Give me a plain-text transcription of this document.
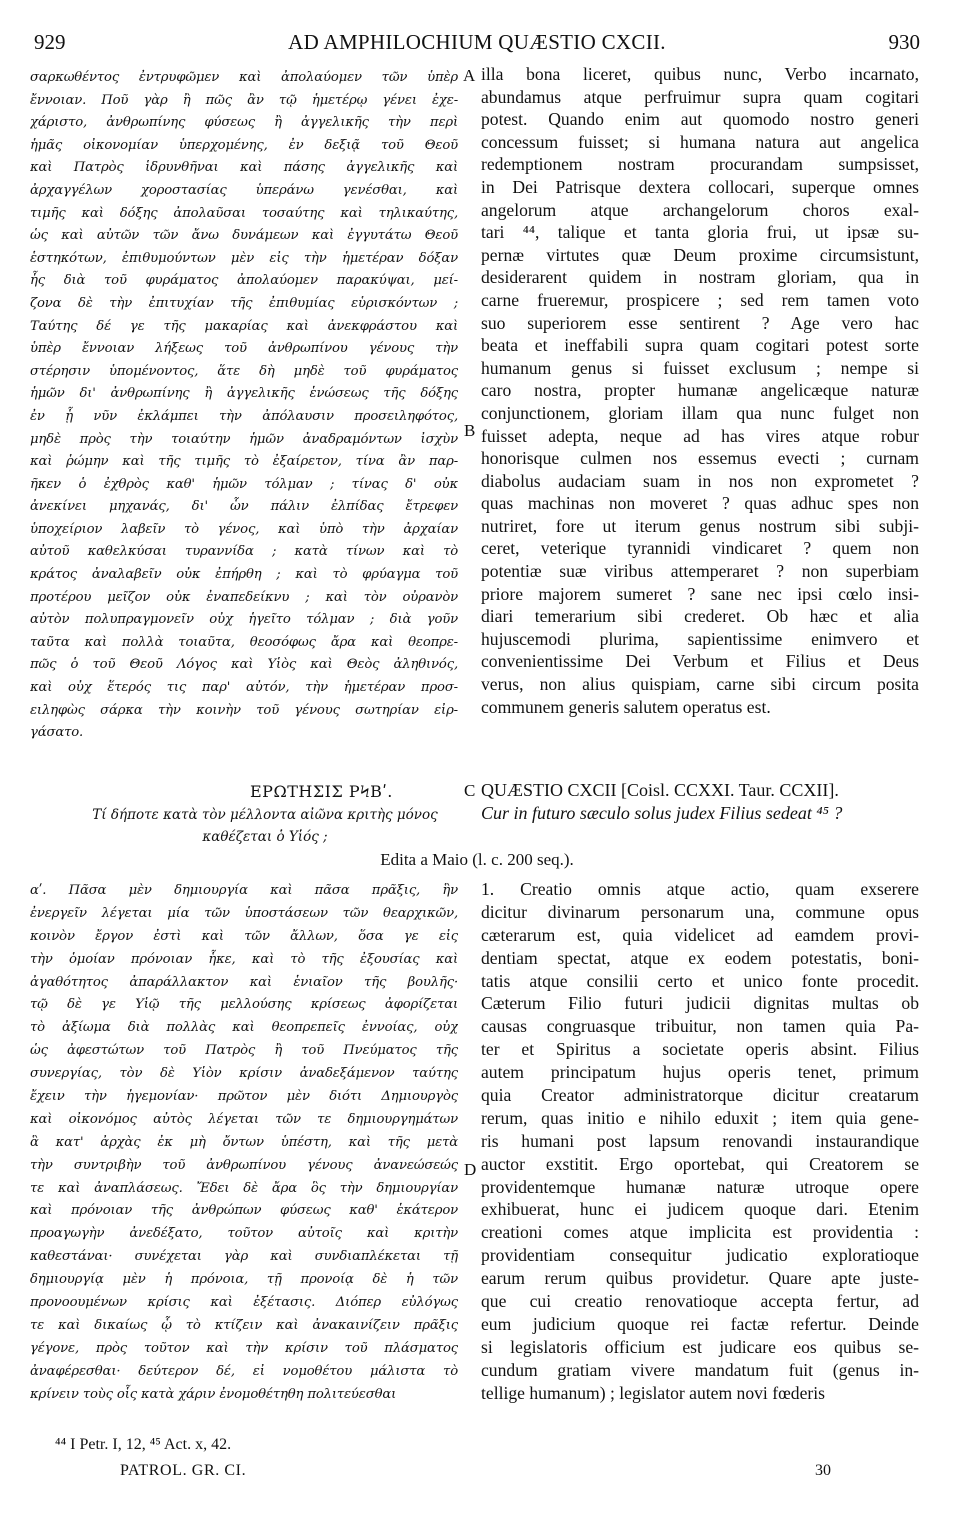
929	AD AMPHILOCHIUM QUÆSTIO CXCII.	930
σαρκωθέντος ἐντρυφῶμεν καὶ ἀπολαύομεν τῶν ὑπὲρ
ἔννοιαν. Ποῦ γὰρ ἢ πῶς ἂν τῷ ἡμετέρῳ γένει ἐχε-
χάριστο, ἀνθρωπίνης φύσεως ἢ ἀγγελικῆς τὴν περὶ
ἡμᾶς οἰκονομίαν ὑπερχομένης, ἐν δεξιᾷ τοῦ Θεοῦ
καὶ Πατρὸς ἱδρυνθῆναι καὶ πάσης ἀγγελικῆς καὶ
ἀρχαγγέλων χοροστασίας ὑπεράνω γενέσθαι, καὶ
τιμῆς καὶ δόξης ἀπολαῦσαι τοσαύτης καὶ τηλικαύτης,
ὡς καὶ αὐτῶν τῶν ἄνω δυνάμεων καὶ ἐγγυτάτω Θεοῦ
ἑστηκότων, ἐπιθυμούντων μὲν εἰς τὴν ἡμετέραν δόξαν
ἧς διὰ τοῦ φυράματος ἀπολαύομεν παρακύψαι, μεί-
ζονα δὲ τὴν ἐπιτυχίαν τῆς ἐπιθυμίας εὑρισκόντων ;
Ταύτης δέ γε τῆς μακαρίας καὶ ἀνεκφράστου καὶ
ὑπὲρ ἔννοιαν λήξεως τοῦ ἀνθρωπίνου γένους τὴν
στέρησιν ὑπομένοντος, ἅτε δὴ μηδὲ τοῦ φυράματος
ἡμῶν δι' ἀνθρωπίνης ἢ ἀγγελικῆς ἑνώσεως τῆς δόξης
ἐν ᾗ νῦν ἐκλάμπει τὴν ἀπόλαυσιν προσειληφότος,
μηδὲ πρὸς τὴν τοιαύτην ἡμῶν ἀναδραμόντων ἰσχὺν
καὶ ῥώμην καὶ τῆς τιμῆς τὸ ἐξαίρετον, τίνα ἂν παρ-
ῆκεν ὁ ἐχθρὸς καθ' ἡμῶν τόλμαν ; τίνας δ' οὐκ
ἀνεκίνει μηχανάς, δι' ὧν πάλιν ἐλπίδας ἔτρεφεν
ὑποχείριον λαβεῖν τὸ γένος, καὶ ὑπὸ τὴν ἀρχαίαν
αὐτοῦ καθελκύσαι τυραννίδα ; κατὰ τίνων καὶ τὸ
κράτος ἀναλαβεῖν οὐκ ἐπήρθη ; καὶ τὸ φρύαγμα τοῦ
προτέρου μεῖζον οὐκ ἐναπεδείκνυ ; καὶ τὸν οὐρανὸν
αὐτὸν πολυπραγμονεῖν οὐχ ἡγεῖτο τόλμαν ; διὰ γοῦν
ταῦτα καὶ πολλὰ τοιαῦτα, θεοσόφως ἄρα καὶ θεοπρε-
πῶς ὁ τοῦ Θεοῦ Λόγος καὶ Υἱὸς καὶ Θεὸς ἀληθινός,
καὶ οὐχ ἕτερός τις παρ' αὐτόν, τὴν ἡμετέραν προσ-
ειληφὼς σάρκα τὴν κοινὴν τοῦ γένους σωτηρίαν εἰρ-
γάσατο.
illa bona liceret, quibus nunc, Verbo incarnato,
abundamus atque perfruimur supra quam cogitari
potest. Quando enim aut quomodo nostro generi
concessum fuisset; si humana natura aut angelica
redemptionem nostram procurandam sumpsisset,
in Dei Patrisque dextera collocari, superque omnes
angelorum atque archangelorum choros exal-
tari ⁴⁴, talique et tanta gloria frui, ut ipsæ su-
pernæ virtutes quæ Deum proxime circumsistunt,
desiderarent quidem in nostram gloriam, qua in
carne fruerемur, prospicere ; sed rem tamen voto
suo superiorem esse sentirent ? Age vero hac
beata et ineffabili supra quam cogitari potest sorte
humanum genus si fuisset exclusum ; nempe si
caro nostra, propter humanæ angelicæque naturæ
conjunctionem, gloriam illam qua nunc fulget non
fuisset adepta, neque ad has vires atque robur
honorisque culmen nos essemus evecti ; curnam
diabolus audaciam suam in nos non exprometet ?
quas machinas non moveret ? quas adhuc spes non
nutriret, fore ut iterum genus nostrum sibi subji-
ceret, veterique tyrannidi vindicaret ? quem non
potentiæ suæ viribus attemperaret ? non superbiam
priore majorem sumeret ? sane nec ipsi cœlo insi-
diari temerarium sibi crederet. Ob hæc et alia
hujuscemodi plurima, sapientissime enimvero et
convenientissime Dei Verbum et Filius et Deus
verus, non alius quispiam, carne sibi circum posita
communem generis salutem operatus est.
A
B
C
D
ΕΡΩΤΗΣΙΣ ΡϞΒʹ.
Τί δήποτε κατὰ τὸν μέλλοντα αἰῶνα κριτὴς μόνος
καθέζεται ὁ Υἱός ;
QUÆSTIO CXCII [Coisl. CCXXI. Taur. CCXII].
Cur in futuro sæculo solus judex Filius sedeat ⁴⁵ ?
Edita a Maio (l. c. 200 seq.).
αʹ. Πᾶσα μὲν δημιουργία καὶ πᾶσα πρᾶξις, ἣν
ἐνεργεῖν λέγεται μία τῶν ὑποστάσεων τῶν θεαρχικῶν,
κοινὸν ἔργον ἐστὶ καὶ τῶν ἄλλων, ὅσα γε εἰς
τὴν ὁμοίαν πρόνοιαν ἧκε, καὶ τὸ τῆς ἐξουσίας καὶ
ἀγαθότητος ἀπαράλλακτον καὶ ἑνιαῖον τῆς βουλῆς·
τῷ δὲ γε Υἱῷ τῆς μελλούσης κρίσεως ἀφορίζεται
τὸ ἀξίωμα διὰ πολλὰς καὶ θεοπρεπεῖς ἐννοίας, οὐχ
ὡς ἀφεστώτων τοῦ Πατρὸς ἢ τοῦ Πνεύματος τῆς
συνεργίας, τὸν δὲ Υἱὸν κρίσιν ἀναδεξάμενον ταύτης
ἔχειν τὴν ἡγεμονίαν· πρῶτον μὲν διότι Δημιουργὸς
καὶ οἰκονόμος αὐτὸς λέγεται τῶν τε δημιουργημάτων
ἃ κατ' ἀρχὰς ἐκ μὴ ὄντων ὑπέστη, καὶ τῆς μετὰ
τὴν συντριβὴν τοῦ ἀνθρωπίνου γένους ἀνανεώσεώς
τε καὶ ἀναπλάσεως. Ἔδει δὲ ἄρα ὃς τὴν δημιουργίαν
καὶ πρόνοιαν τῆς ἀνθρώπων φύσεως καθ' ἑκάτερον
προαγωγὴν ἀνεδέξατο, τοῦτον αὐτοῖς καὶ κριτὴν
καθεστάναι· συνέχεται γὰρ καὶ συνδιαπλέκεται τῇ
δημιουργίᾳ μὲν ἡ πρόνοια, τῇ προνοίᾳ δὲ ἡ τῶν
προνοουμένων κρίσις καὶ ἐξέτασις. Διόπερ εὐλόγως
τε καὶ δικαίως ᾧ τὸ κτίζειν καὶ ἀνακαινίζειν πρᾶξις
γέγονε, πρὸς τοῦτον καὶ τὴν κρίσιν τοῦ πλάσματος
ἀναφέρεσθαι· δεύτερον δέ, εἰ νομοθέτου μάλιστα τὸ
κρίνειν τοὺς οἷς κατὰ χάριν ἐνομοθέτηθη πολιτεύεσθαι
1. Creatio omnis atque actio, quam exserere
dicitur divinarum personarum una, commune opus
cæterarum est, quia videlicet ad eamdem provi-
dentiam spectat, atque ex eodem potestatis, boni-
tatis atque consilii certo et unico fonte procedit.
Cæterum Filio futuri judicii dignitas multas ob
causas congruasque tribuitur, non tamen quia Pa-
ter et Spiritus a societate operis absint. Filius
autem principatum hujus operis tenet, primum
quia Creator administratorque dicitur creatarum
rerum, quas initio e nihilo eduxit ; item quia gene-
ris humani post lapsum renovandi instaurandique
auctor exstitit. Ergo oportebat, qui Creatorem se
providentemque humanæ naturæ utroque opere
exhibuerat, hunc ei judicem quoque dari. Etenim
creationi comes atque implicita est providentia :
providentiam consequitur judicatio exploratioque
earum rerum quibus providetur. Quare apte juste-
que cui creatio renovatioque accepta fertur, ad
eum judicium quoque rei factæ refertur. Deinde
si legislatoris officium est judicare eos quibus se-
cundum gratiam vivere mandatum fuit (genus in-
tellige humanum) ; legislator autem novi fœderis
⁴⁴ I Petr. I, 12, ⁴⁵ Act. x, 42.
PATROL. GR. CI.	30
